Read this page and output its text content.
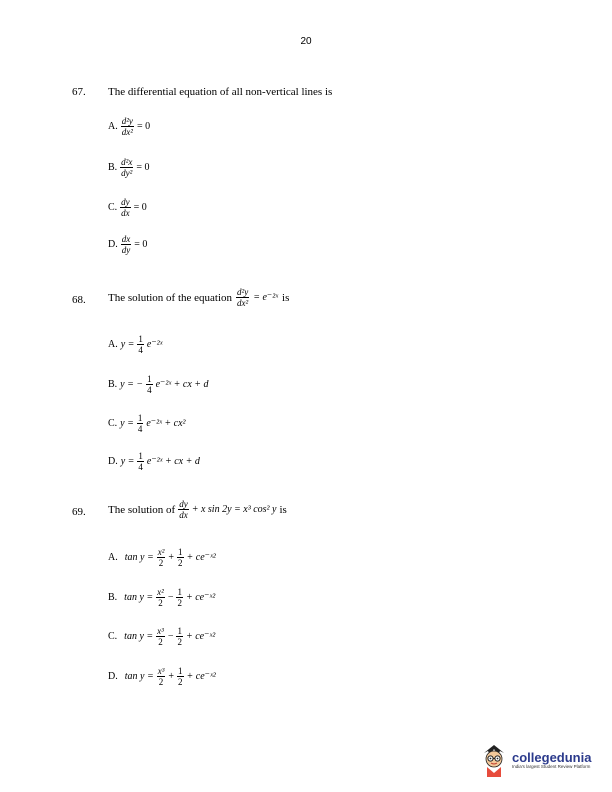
20
67. The differential equation of all non-vertical lines is
A. $\frac{\text{d²y}}{\text{dx²}} = 0$
B. $\frac{\text{d²x}}{\text{dy²}} = 0$
C. $\frac{dy}{dx} = 0$
D. $\frac{dx}{dy} = 0$
68. The solution of the equation $\frac{\text{d²y}}{\text{dx²}}$ = e⁻²ˣ is
A. $y = \frac{1}{4}$ e⁻²ˣ
B. y = − $\frac{1}{4}$ e⁻²ˣ + cx + d
C. $y = \frac{1}{4}$ e⁻²ˣ + cx²
D. $y = \frac{1}{4}$ e⁻²ˣ + cx + d
69. The solution of $\frac{dy}{dx} + x$ sin 2y = x³ cos² y is
A. $\tan y = \frac{\text{x²}}{2} + \frac{1}{2}$ + ce⁻ˣ²
B. $\tan y = \frac{\text{x²}}{2} - \frac{1}{2}$ + ce⁻ˣ²
C. $\tan y = \frac{\text{x³}}{2} - \frac{1}{2}$ + ce⁻ˣ²
D. $\tan y = \frac{\text{x³}}{2} + \frac{1}{2}$ + ce⁻ˣ²
collegedunia
India's largest Student Review Platform
